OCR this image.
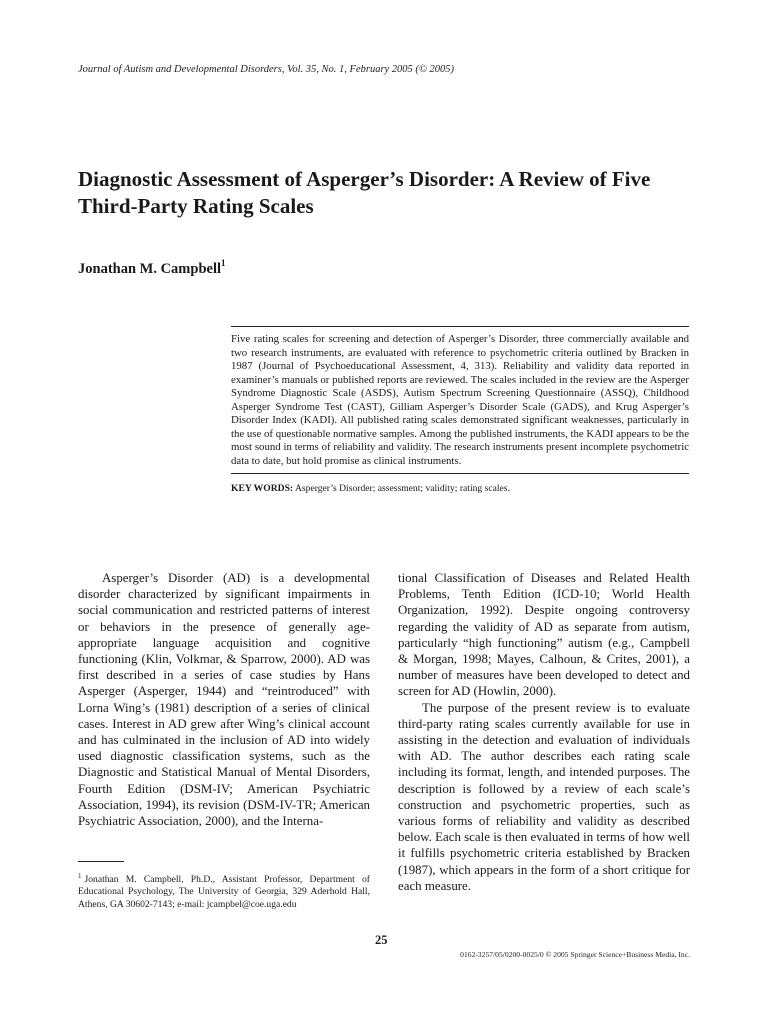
Journal of Autism and Developmental Disorders, Vol. 35, No. 1, February 2005 (© 2005)
Diagnostic Assessment of Asperger’s Disorder: A Review of Five Third-Party Rating Scales
Jonathan M. Campbell$^1$

Five rating scales for screening and detection of Asperger’s Disorder, three commercially available and two research instruments, are evaluated with reference to psychometric criteria outlined by Bracken in 1987 (Journal of Psychoeducational Assessment, 4, 313). Reliability and validity data reported in examiner’s manuals or published reports are reviewed. The scales included in the review are the Asperger Syndrome Diagnostic Scale (ASDS), Autism Spectrum Screening Questionnaire (ASSQ), Childhood Asperger Syndrome Test (CAST), Gilliam Asperger’s Disorder Scale (GADS), and Krug Asperger’s Disorder Index (KADI). All published rating scales demonstrated significant weaknesses, particularly in the use of questionable normative samples. Among the published instruments, the KADI appears to be the most sound in terms of reliability and validity. The research instruments present incomplete psychometric data to date, but hold promise as clinical instruments.

KEY WORDS: Asperger’s Disorder; assessment; validity; rating scales.

Asperger’s Disorder (AD) is a developmental disorder characterized by significant impairments in social communication and restricted patterns of interest or behaviors in the presence of generally age-appropriate language acquisition and cognitive functioning (Klin, Volkmar, & Sparrow, 2000). AD was first described in a series of case studies by Hans Asperger (Asperger, 1944) and “reintroduced” with Lorna Wing’s (1981) description of a series of clinical cases. Interest in AD grew after Wing’s clinical account and has culminated in the inclusion of AD into widely used diagnostic classification systems, such as the Diagnostic and Statistical Manual of Mental Disorders, Fourth Edition (DSM-IV; American Psychiatric Association, 1994), its revision (DSM-IV-TR; American Psychiatric Association, 2000), and the Interna-

tional Classification of Diseases and Related Health Problems, Tenth Edition (ICD-10; World Health Organization, 1992). Despite ongoing controversy regarding the validity of AD as separate from autism, particularly “high functioning” autism (e.g., Campbell & Morgan, 1998; Mayes, Calhoun, & Crites, 2001), a number of measures have been developed to detect and screen for AD (Howlin, 2000).

The purpose of the present review is to evaluate third-party rating scales currently available for use in assisting in the detection and evaluation of individuals with AD. The author describes each rating scale including its format, length, and intended purposes. The description is followed by a review of each scale’s construction and psychometric properties, such as various forms of reliability and validity as described below. Each scale is then evaluated in terms of how well it fulfills psychometric criteria established by Bracken (1987), which appears in the form of a short critique for each measure.

$^1$ Jonathan M. Campbell, Ph.D., Assistant Professor, Department of Educational Psychology, The University of Georgia, 329 Aderhold Hall, Athens, GA 30602-7143; e-mail: jcampbel@coe.uga.edu
25
0162-3257/05/0200-0025/0 © 2005 Springer Science+Business Media, Inc.
